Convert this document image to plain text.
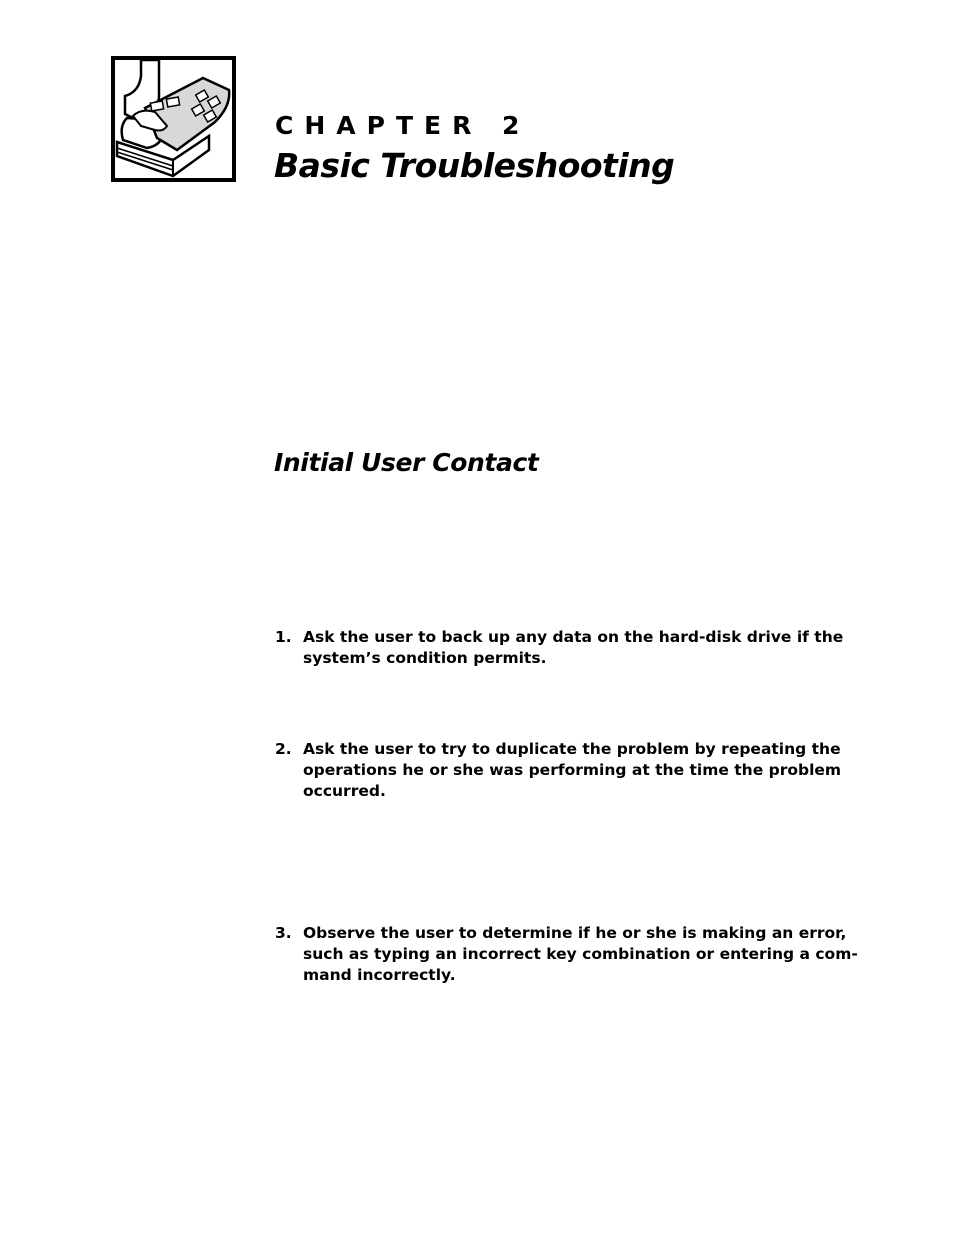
CHAPTER 2
Basic Troubleshooting
Initial User Contact
1. Ask the user to back up any data on the hard-disk drive if the system’s condition permits.
2. Ask the user to try to duplicate the problem by repeating the operations he or she was performing at the time the problem occurred.
3. Observe the user to determine if he or she is making an error, such as typing an incorrect key combination or entering a com-mand incorrectly.
